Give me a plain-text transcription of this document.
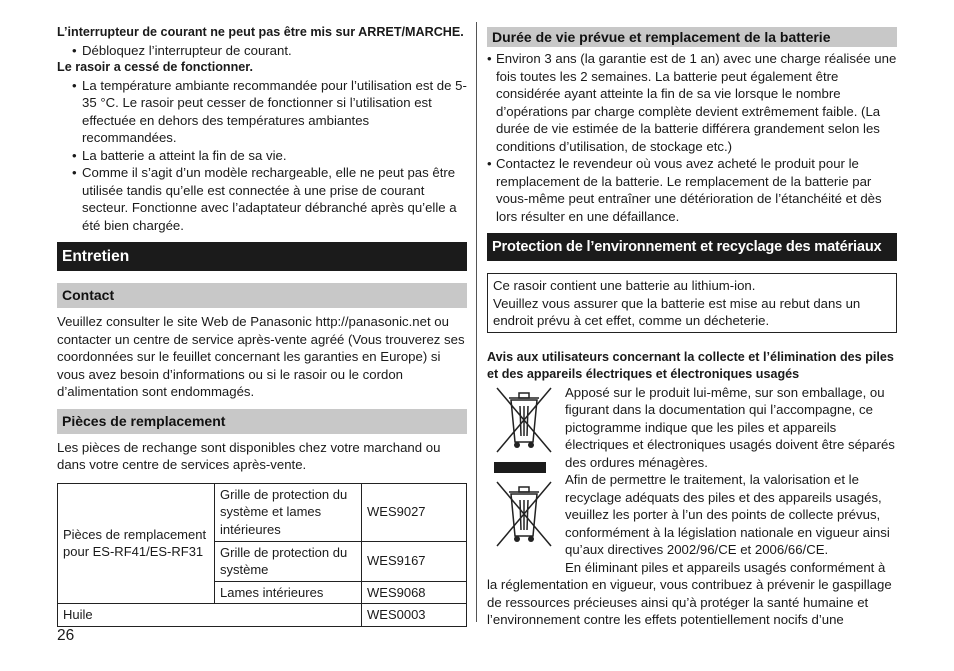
L’interrupteur de courant ne peut pas être mis sur ARRET/MARCHE.

• Débloquez l’interrupteur de courant.

Le rasoir a cessé de fonctionner.

• La température ambiante recommandée pour l’utilisation est de 5-35 °C. Le rasoir peut cesser de fonctionner si l’utilisation est effectuée en dehors des températures ambiantes recommandées.
• La batterie a atteint la fin de sa vie.
• Comme il s’agit d’un modèle rechargeable, elle ne peut pas être utilisée tandis qu’elle est connectée à une prise de courant secteur. Fonctionne avec l’adaptateur débranché après qu’elle a été bien chargée.
Entretien
Contact

Veuillez consulter le site Web de Panasonic http://panasonic.net ou contacter un centre de service après-vente agréé (Vous trouverez ses coordonnées sur le feuillet concernant les garanties en Europe) si vous avez besoin d’informations ou si le rasoir ou le cordon d’alimentation sont endommagés.

Pièces de remplacement

Les pièces de rechange sont disponibles chez votre marchand ou dans votre centre de services après-vente.

Pièces de remplacement pour ES-RF41/ES-RF31	Grille de protection du système et lames intérieures	WES9027
	Grille de protection du système	WES9167
	Lames intérieures	WES9068
Huile		WES0003
Durée de vie prévue et remplacement de la batterie
• Environ 3 ans (la garantie est de 1 an) avec une charge réalisée une fois toutes les 2 semaines. La batterie peut également être considérée ayant atteinte la fin de sa vie lorsque le nombre d’opérations par charge complète devient extrêmement faible. (La durée de vie estimée de la batterie différera grandement selon les conditions d’utilisation, de stockage etc.)
• Contactez le revendeur où vous avez acheté le produit pour le remplacement de la batterie. Le remplacement de la batterie par vous-même peut entraîner une détérioration de l’étanchéité et dès lors résulter en une défaillance.
Protection de l’environnement et recyclage des matériaux

Ce rasoir contient une batterie au lithium-ion.

Veuillez vous assurer que la batterie est mise au rebut dans un endroit prévu à cet effet, comme un décheterie.

Avis aux utilisateurs concernant la collecte et l’élimination des piles et des appareils électriques et électroniques usagés

Apposé sur le produit lui-même, sur son emballage, ou figurant dans la documentation qui l’accompagne, ce pictogramme indique que les piles et appareils électriques et électroniques usagés doivent être séparés des ordures ménagères.

Afin de permettre le traitement, la valorisation et le recyclage adéquats des piles et des appareils usagés, veuillez les porter à l’un des points de collecte prévus, conformément à la législation nationale en vigueur ainsi qu’aux directives 2002/96/CE et 2006/66/CE.

En éliminant piles et appareils usagés conformément à

la réglementation en vigueur, vous contribuez à prévenir le gaspillage de ressources précieuses ainsi qu’à protéger la santé humaine et l’environnement contre les effets potentiellement nocifs d’une

26
